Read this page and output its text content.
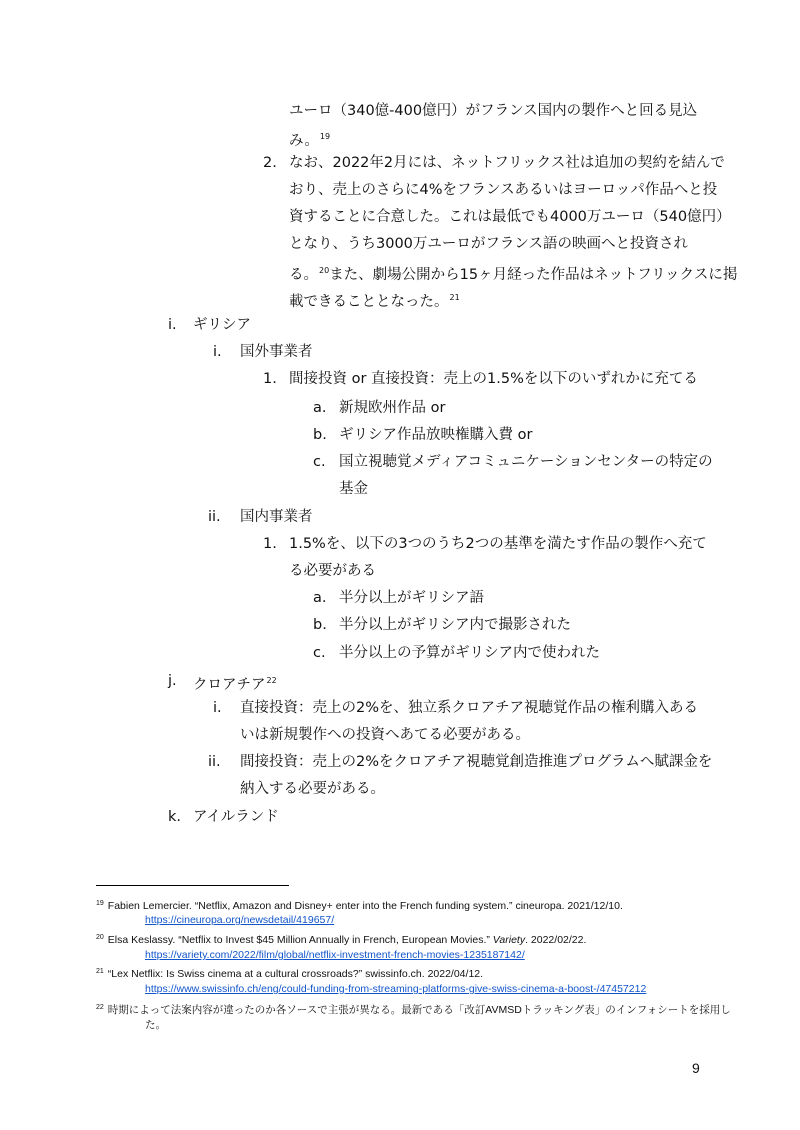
ユーロ（340億-400億円）がフランス国内の製作へと回る見込
み。$^{19}$
2. なお、2022年2月には、ネットフリックス社は追加の契約を結んで
おり、売上のさらに4%をフランスあるいはヨーロッパ作品へと投
資することに合意した。これは最低でも4000万ユーロ（540億円）
となり、うち3000万ユーロがフランス語の映画へと投資され
る。$^{20}$また、劇場公開から15ヶ月経った作品はネットフリックスに掲
載できることとなった。$^{21}$
i. ギリシア
i. 国外事業者
1. 間接投資 or 直接投資：売上の1.5%を以下のいずれかに充てる
a. 新規欧州作品 or
b. ギリシア作品放映権購入費 or
c. 国立視聴覚メディアコミュニケーションセンターの特定の
基金
ii. 国内事業者
1. 1.5%を、以下の3つのうち2つの基準を満たす作品の製作へ充て
る必要がある
a. 半分以上がギリシア語
b. 半分以上がギリシア内で撮影された
c. 半分以上の予算がギリシア内で使われた
j. クロアチア$^{22}$
i. 直接投資：売上の2%を、独立系クロアチア視聴覚作品の権利購入ある
いは新規製作への投資へあてる必要がある。
ii. 間接投資：売上の2%をクロアチア視聴覚創造推進プログラムへ賦課金を
納入する必要がある。
k. アイルランド
$^{19}$ Fabien Lemercier. “Netflix, Amazon and Disney+ enter into the French funding system.” cineuropa. 2021/12/10.
https://cineuropa.org/newsdetail/419657/
$^{20}$ Elsa Keslassy. “Netflix to Invest $45 Million Annually in French, European Movies.” Variety. 2022/02/22.
https://variety.com/2022/film/global/netflix-investment-french-movies-1235187142/
$^{21}$ “Lex Netflix: Is Swiss cinema at a cultural crossroads?” swissinfo.ch. 2022/04/12.
https://www.swissinfo.ch/eng/could-funding-from-streaming-platforms-give-swiss-cinema-a-boost-/47457212
$^{22}$ 時期によって法案内容が違ったのか各ソースで主張が異なる。最新である「改訂AVMSDトラッキング表」のインフォシートを採用し
た。
9
